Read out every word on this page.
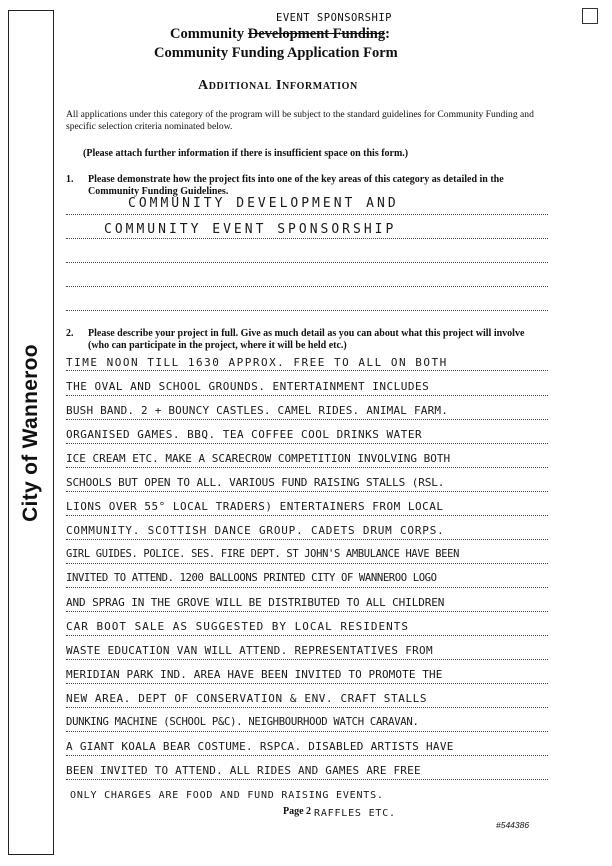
City of Wanneroo
EVENT SPONSORSHIP
Community Development Funding:
Community Funding Application Form
Additional Information
All applications under this category of the program will be subject to the standard guidelines for Community Funding and specific selection criteria nominated below.
(Please attach further information if there is insufficient space on this form.)
1. Please demonstrate how the project fits into one of the key areas of this category as detailed in the Community Funding Guidelines.
COMMUNITY DEVELOPMENT AND
COMMUNITY EVENT SPONSORSHIP
2. Please describe your project in full. Give as much detail as you can about what this project will involve (who can participate in the project, where it will be held etc.)
TIME NOON TILL 1630 APPROX. FREE TO ALL ON BOTH
THE OVAL AND SCHOOL GROUNDS. ENTERTAINMENT INCLUDES
BUSH BAND. 2 + BOUNCY CASTLES. CAMEL RIDES. ANIMAL FARM.
ORGANISED GAMES. BBQ. TEA COFFEE COOL DRINKS WATER
ICE CREAM ETC. MAKE A SCARECROW COMPETITION INVOLVING BOTH
SCHOOLS BUT OPEN TO ALL. VARIOUS FUND RAISING STALLS (RSL.
LIONS OVER 55° LOCAL TRADERS) ENTERTAINERS FROM LOCAL
COMMUNITY. SCOTTISH DANCE GROUP. CADETS DRUM CORPS.
GIRL GUIDES. POLICE. SES. FIRE DEPT. ST JOHN'S AMBULANCE HAVE BEEN
INVITED TO ATTEND. 1200 BALLOONS PRINTED CITY OF WANNEROO LOGO
AND SPRAG IN THE GROVE WILL BE DISTRIBUTED TO ALL CHILDREN
CAR BOOT SALE AS SUGGESTED BY LOCAL RESIDENTS
WASTE EDUCATION VAN WILL ATTEND. REPRESENTATIVES FROM
MERIDIAN PARK IND. AREA HAVE BEEN INVITED TO PROMOTE THE
NEW AREA. DEPT OF CONSERVATION & ENV. CRAFT STALLS
DUNKING MACHINE (SCHOOL P&C). NEIGHBOURHOOD WATCH CARAVAN.
A GIANT KOALA BEAR COSTUME. RSPCA. DISABLED ARTISTS HAVE
BEEN INVITED TO ATTEND. ALL RIDES AND GAMES ARE FREE
ONLY CHARGES ARE FOOD AND FUND RAISING EVENTS.
RAFFLES ETC.
Page 2
#544386
